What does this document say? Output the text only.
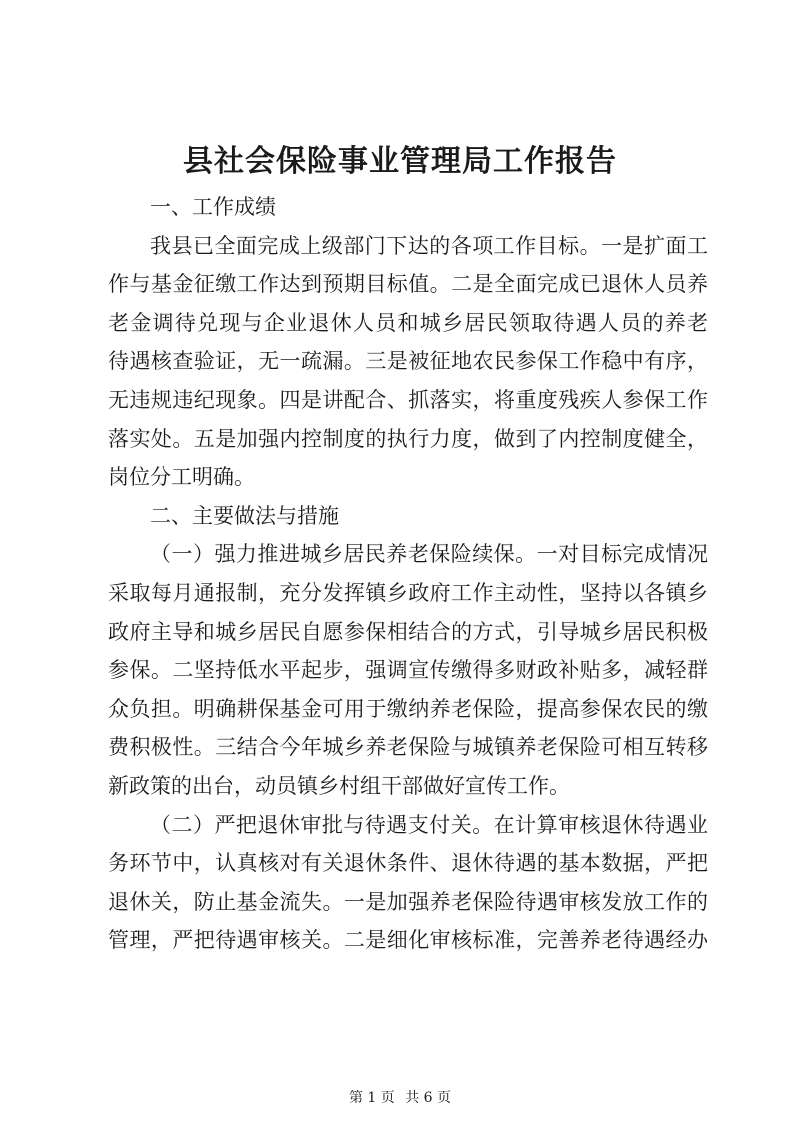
县社会保险事业管理局工作报告
一、工作成绩
我县已全面完成上级部门下达的各项工作目标。一是扩面工
作与基金征缴工作达到预期目标值。二是全面完成已退休人员养
老金调待兑现与企业退休人员和城乡居民领取待遇人员的养老
待遇核查验证，无一疏漏。三是被征地农民参保工作稳中有序，
无违规违纪现象。四是讲配合、抓落实，将重度残疾人参保工作
落实处。五是加强内控制度的执行力度，做到了内控制度健全，
岗位分工明确。
二、主要做法与措施
（一）强力推进城乡居民养老保险续保。一对目标完成情况
采取每月通报制，充分发挥镇乡政府工作主动性，坚持以各镇乡
政府主导和城乡居民自愿参保相结合的方式，引导城乡居民积极
参保。二坚持低水平起步，强调宣传缴得多财政补贴多，减轻群
众负担。明确耕保基金可用于缴纳养老保险，提高参保农民的缴
费积极性。三结合今年城乡养老保险与城镇养老保险可相互转移
新政策的出台，动员镇乡村组干部做好宣传工作。
（二）严把退休审批与待遇支付关。在计算审核退休待遇业
务环节中，认真核对有关退休条件、退休待遇的基本数据，严把
退休关，防止基金流失。一是加强养老保险待遇审核发放工作的
管理，严把待遇审核关。二是细化审核标准，完善养老待遇经办
第 1 页 共 6 页
